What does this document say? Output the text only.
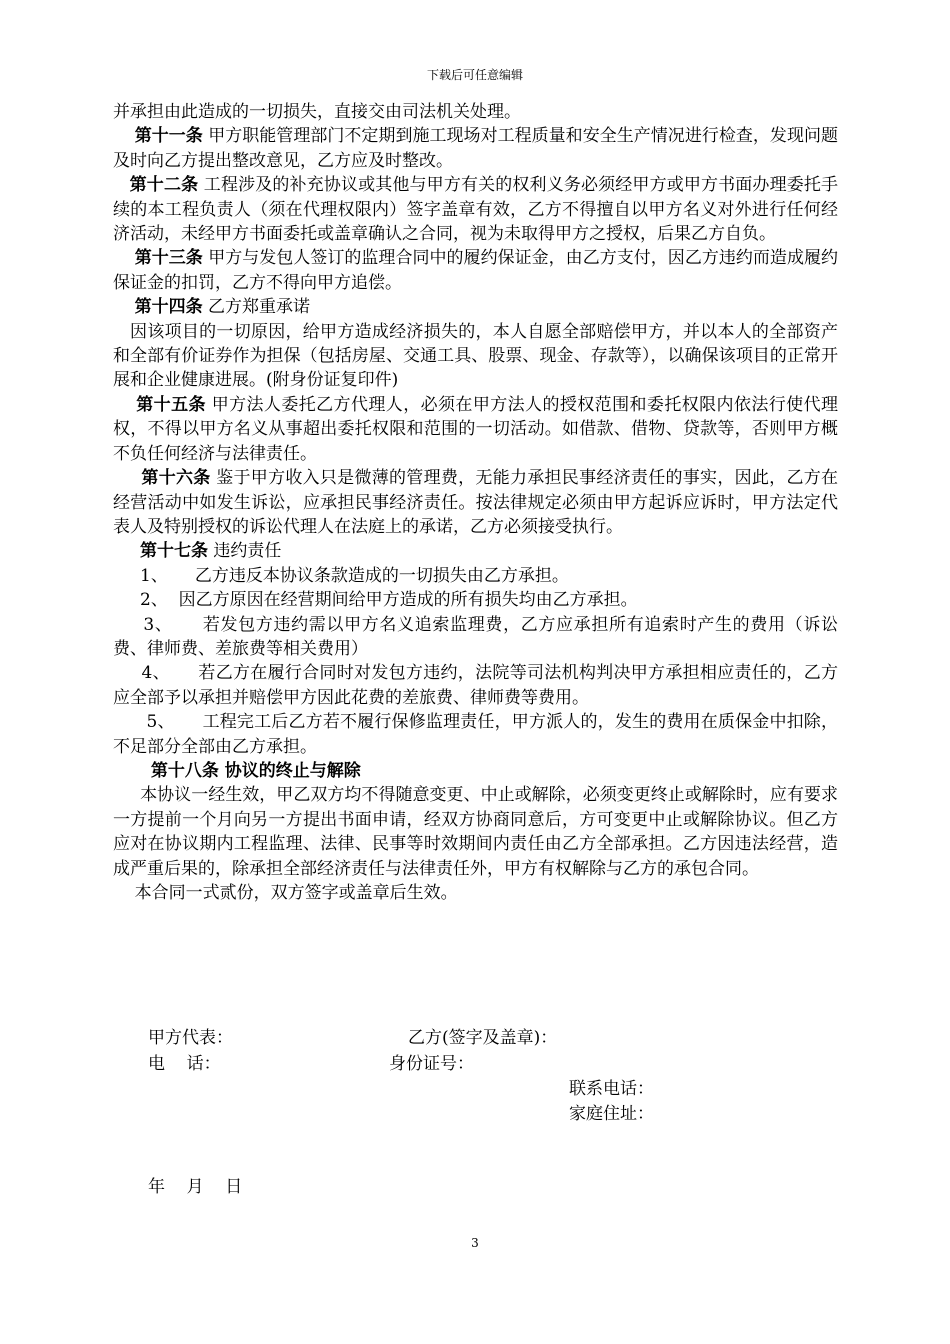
下载后可任意编辑

并承担由此造成的一切损失，直接交由司法机关处理。

第十一条 甲方职能管理部门不定期到施工现场对工程质量和安全生产情况进行检查，发现问题及时向乙方提出整改意见，乙方应及时整改。

第十二条 工程涉及的补充协议或其他与甲方有关的权利义务必须经甲方或甲方书面办理委托手续的本工程负责人（须在代理权限内）签字盖章有效，乙方不得擅自以甲方名义对外进行任何经济活动，未经甲方书面委托或盖章确认之合同，视为未取得甲方之授权，后果乙方自负。

第十三条 甲方与发包人签订的监理合同中的履约保证金，由乙方支付，因乙方违约而造成履约保证金的扣罚，乙方不得向甲方追偿。

第十四条 乙方郑重承诺

因该项目的一切原因，给甲方造成经济损失的，本人自愿全部赔偿甲方，并以本人的全部资产和全部有价证券作为担保（包括房屋、交通工具、股票、现金、存款等），以确保该项目的正常开展和企业健康进展。(附身份证复印件)

第十五条 甲方法人委托乙方代理人，必须在甲方法人的授权范围和委托权限内依法行使代理权，不得以甲方名义从事超出委托权限和范围的一切活动。如借款、借物、贷款等，否则甲方概不负任何经济与法律责任。

第十六条 鉴于甲方收入只是微薄的管理费，无能力承担民事经济责任的事实，因此，乙方在经营活动中如发生诉讼，应承担民事经济责任。按法律规定必须由甲方起诉应诉时，甲方法定代表人及特别授权的诉讼代理人在法庭上的承诺，乙方必须接受执行。

第十七条 违约责任

1、     乙方违反本协议条款造成的一切损失由乙方承担。

2、  因乙方原因在经营期间给甲方造成的所有损失均由乙方承担。

3、     若发包方违约需以甲方名义追索监理费，乙方应承担所有追索时产生的费用（诉讼费、律师费、差旅费等相关费用）

4、     若乙方在履行合同时对发包方违约，法院等司法机构判决甲方承担相应责任的，乙方应全部予以承担并赔偿甲方因此花费的差旅费、律师费等费用。

5、     工程完工后乙方若不履行保修监理责任，甲方派人的，发生的费用在质保金中扣除，不足部分全部由乙方承担。

第十八条 协议的终止与解除

本协议一经生效，甲乙双方均不得随意变更、中止或解除，必须变更终止或解除时，应有要求一方提前一个月向另一方提出书面申请，经双方协商同意后，方可变更中止或解除协议。但乙方应对在协议期内工程监理、法律、民事等时效期间内责任由乙方全部承担。乙方因违法经营，造成严重后果的，除承担全部经济责任与法律责任外，甲方有权解除与乙方的承包合同。

本合同一式贰份，双方签字或盖章后生效。

甲方代表：	乙方(签字及盖章)：
电    话：	身份证号：
联系电话：
家庭住址：
年    月    日
3
